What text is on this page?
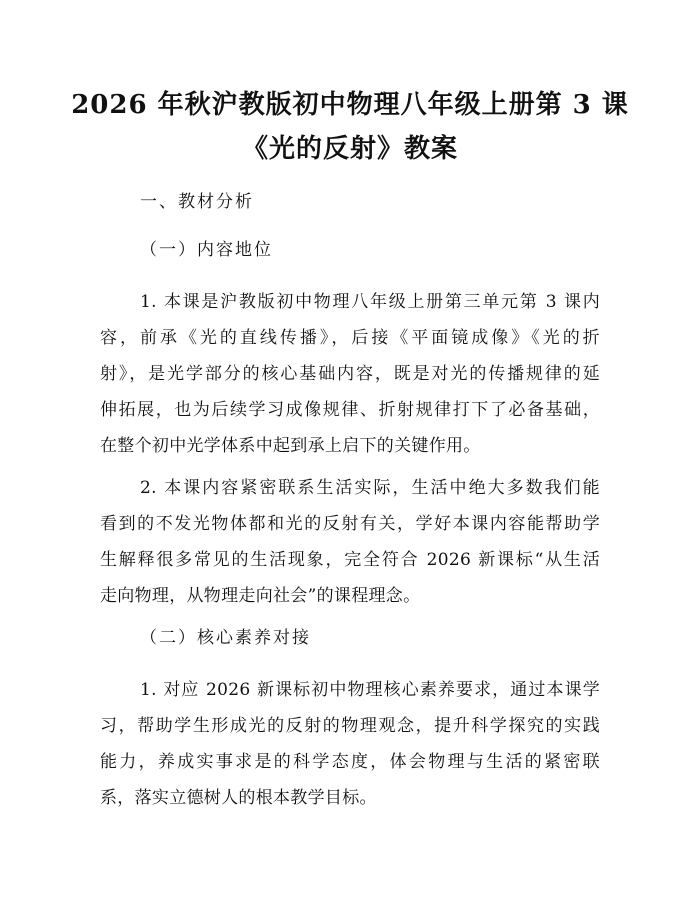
2026 年秋沪教版初中物理八年级上册第 3 课
《光的反射》教案
一、教材分析
（一）内容地位
1. 本课是沪教版初中物理八年级上册第三单元第 3 课内
容，前承《光的直线传播》，后接《平面镜成像》《光的折
射》，是光学部分的核心基础内容，既是对光的传播规律的延
伸拓展，也为后续学习成像规律、折射规律打下了必备基础，
在整个初中光学体系中起到承上启下的关键作用。
2. 本课内容紧密联系生活实际，生活中绝大多数我们能
看到的不发光物体都和光的反射有关，学好本课内容能帮助学
生解释很多常见的生活现象，完全符合 2026 新课标“从生活
走向物理，从物理走向社会”的课程理念。
（二）核心素养对接
1. 对应 2026 新课标初中物理核心素养要求，通过本课学
习，帮助学生形成光的反射的物理观念，提升科学探究的实践
能力，养成实事求是的科学态度，体会物理与生活的紧密联
系，落实立德树人的根本教学目标。
